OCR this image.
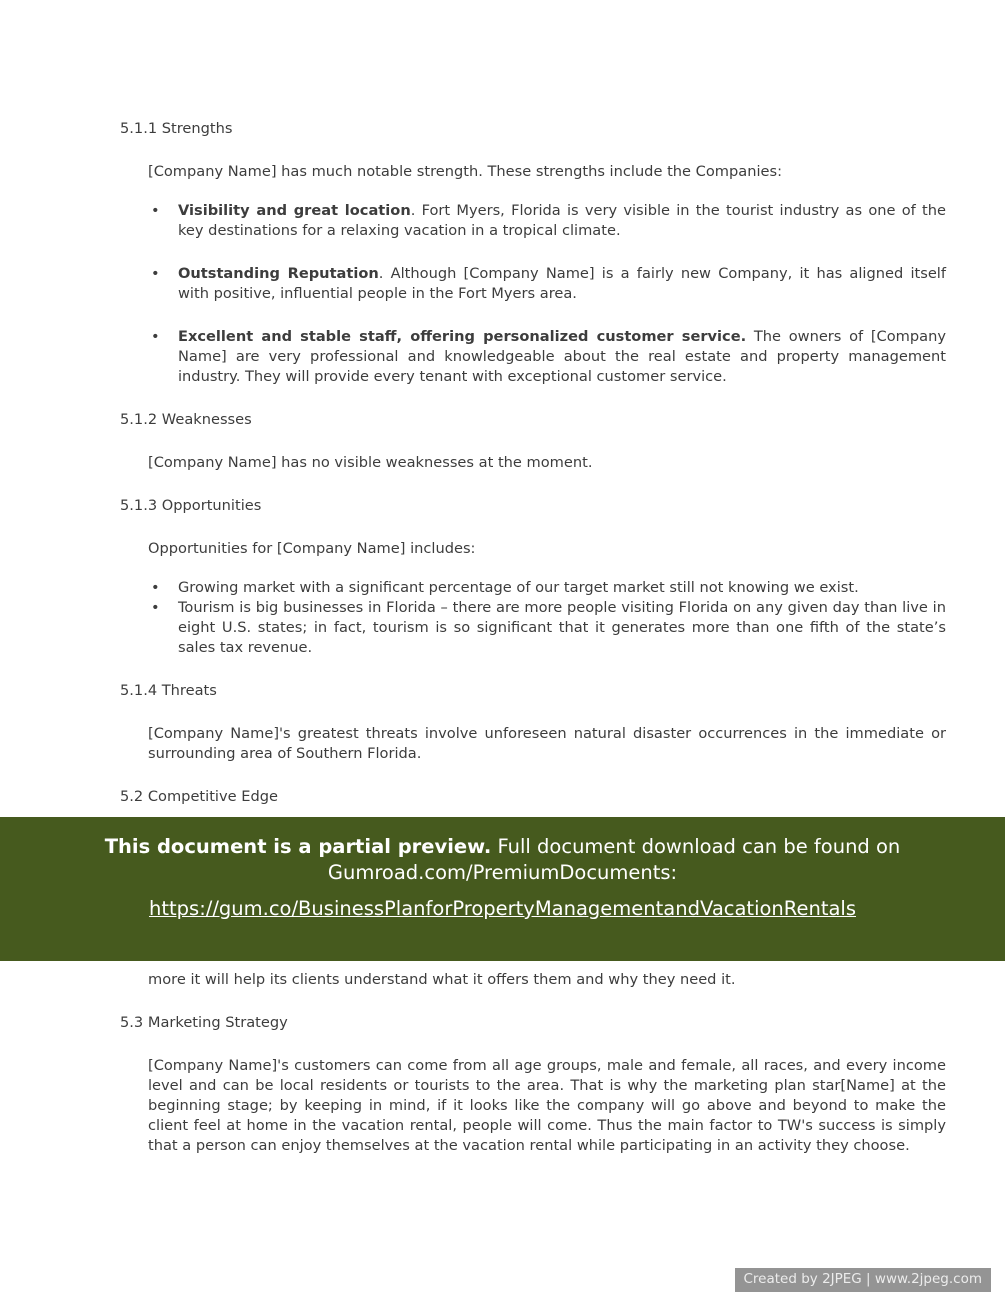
5.1.1 Strengths

[Company Name] has much notable strength. These strengths include the Companies:

• Visibility and great location. Fort Myers, Florida is very visible in the tourist industry as one of the key destinations for a relaxing vacation in a tropical climate.
• Outstanding Reputation. Although [Company Name] is a fairly new Company, it has aligned itself with positive, influential people in the Fort Myers area.
• Excellent and stable staff, offering personalized customer service. The owners of [Company Name] are very professional and knowledgeable about the real estate and property management industry. They will provide every tenant with exceptional customer service.
5.1.2 Weaknesses

[Company Name] has no visible weaknesses at the moment.

5.1.3 Opportunities

Opportunities for [Company Name] includes:

• Growing market with a significant percentage of our target market still not knowing we exist.
• Tourism is big businesses in Florida – there are more people visiting Florida on any given day than live in eight U.S. states; in fact, tourism is so significant that it generates more than one fifth of the state’s sales tax revenue.
5.1.4 Threats

[Company Name]'s greatest threats involve unforeseen natural disaster occurrences in the immediate or surrounding area of Southern Florida.

5.2 Competitive Edge

This document is a partial preview. Full document download can be found on Gumroad.com/PremiumDocuments:

https://gum.co/BusinessPlanforPropertyManagementandVacationRentals

more it will help its clients understand what it offers them and why they need it.

5.3 Marketing Strategy

[Company Name]'s customers can come from all age groups, male and female, all races, and every income level and can be local residents or tourists to the area. That is why the marketing plan star[Name] at the beginning stage; by keeping in mind, if it looks like the company will go above and beyond to make the client feel at home in the vacation rental, people will come. Thus the main factor to TW's success is simply that a person can enjoy themselves at the vacation rental while participating in an activity they choose.

Created by 2JPEG | www.2jpeg.com
